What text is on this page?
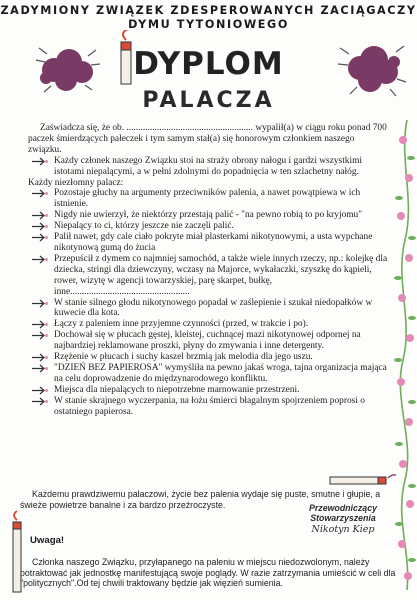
ZADYMIONY ZWIĄZEK ZDESPEROWANYCH ZACIĄGACZY
DYMU TYTONIOWEGO
DYPLOM
PALACZA

Zaświadcza się, że ob. ...................................................... wypalił(a) w ciągu roku ponad 700 paczek śmierdzących pałeczek i tym samym stał(a) się honorowym członkiem naszego związku.

Każdy członek naszego Związku stoi na straży obrony nałogu i gardzi wszystkimi istotami niepalącymi, a w pełni zdolnymi do popadnięcia w ten szlachetny nałóg.

Każdy niezłomny palacz:

Pozostaje głuchy na argumenty przeciwników palenia, a nawet powątpiewa w ich istnienie.
Nigdy nie uwierzył, że niektórzy przestają palić - "na pewno robią to po kryjomu"
Niepalący to ci, którzy jeszcze nie zaczęli palić.
Palił nawet, gdy cale ciało pokryte miał plasterkami nikotynowymi, a usta wypchane nikotynową gumą do żucia
Przepuścił z dymem co najmniej samochód, a także wiele innych rzeczy, np.: kolejkę dla dziecka, stringi dla dziewczyny, wczasy na Majorce, wykałaczki, szyszkę do kąpieli, rower, wizytę w agencji towarzyskiej, parę skarpet, bułkę, inne...................................................
W stanie silnego głodu nikotynowego popadał w zaślepienie i szukał niedopałków w kuwecie dla kota.
Łączy z paleniem inne przyjemne czynności (przed, w trakcie i po).
Dochował się w płucach gęstej, kleistej, cuchnącej mazi nikotynowej odpornej na najbardziej reklamowane proszki, płyny do zmywania i inne detergenty.
Rzężenie w płucach i suchy kaszel brzmią jak melodia dla jego uszu.
"DZIEŃ BEZ PAPIEROSA" wymyśliła na pewno jakaś wroga, tajna organizacja mająca na celu doprowadzenie do międzynarodowego konfliktu.
Miejsca dla niepalących to niepotrzebne marnowanie przestrzeni.
W stanie skrajnego wyczerpania, na łożu śmierci błagalnym spojrzeniem poprosi o ostatniego papierosa.

Każdemu prawdziwemu palaczowi, życie bez palenia wydaje się puste, smutne i głupie, a świeże powietrze banalne i za bardzo przeźroczyste.	Przewodniczący
Stowarzyszenia
Nikotyn Kiep
Uwaga!

Członka naszego Związku, przyłapanego na paleniu w miejscu niedozwolonym, należy potraktować jak jednostkę manifestującą swoje poglądy. W razie zatrzymania umieścić w celi dla "politycznych".Od tej chwili traktowany będzie jak więzień sumienia.
